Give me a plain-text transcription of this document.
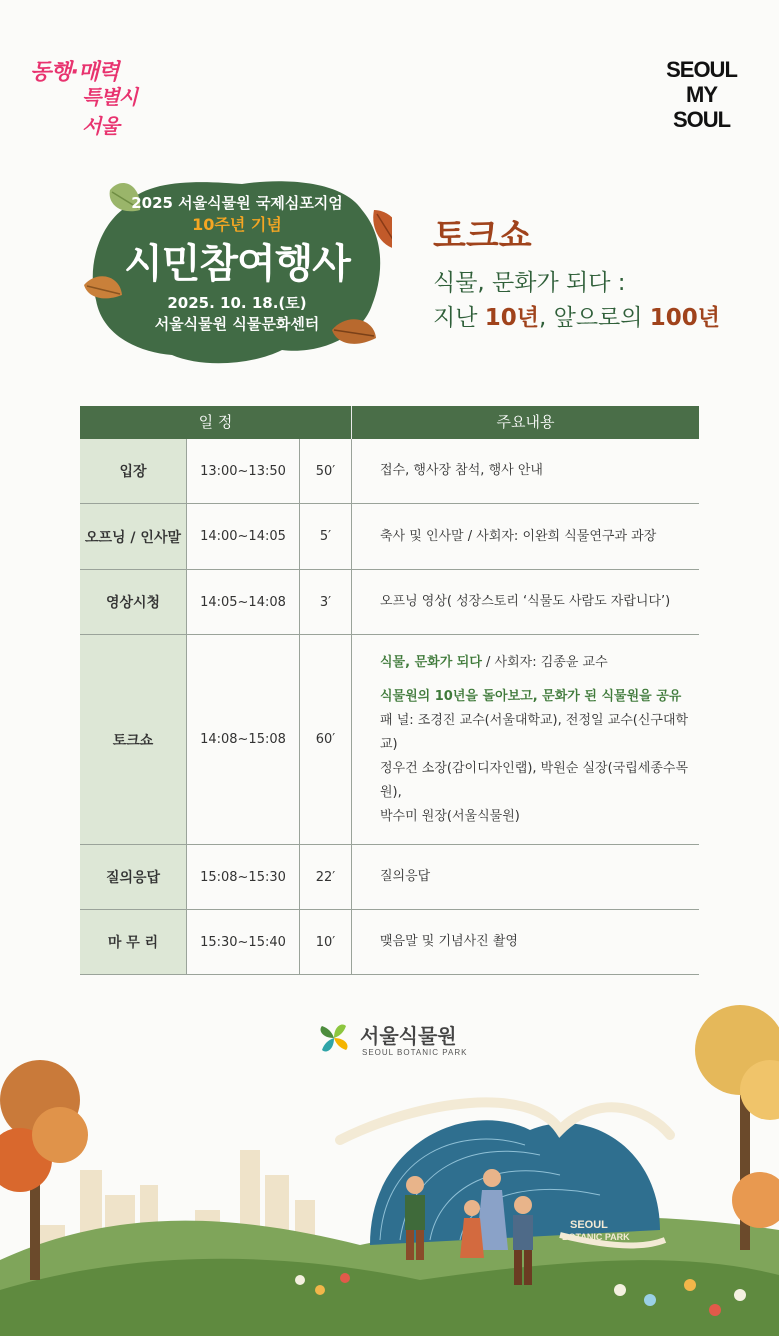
동행·매력
특별시 서울
SEOUL
MY SOUL
2025 서울식물원 국제심포지엄
10주년 기념
시민참여행사
2025. 10. 18.(토)
서울식물원 식물문화센터
토크쇼
식물, 문화가 되다 :
지난 10년, 앞으로의 100년
일 정	주요내용
입장	13:00~13:50	50′	접수, 행사장 참석, 행사 안내
오프닝 / 인사말	14:00~14:05	5′	축사 및 인사말 / 사회자: 이완희 식물연구과 과장
영상시청	14:05~14:08	3′	오프닝 영상( 성장스토리 ‘식물도 사람도 자랍니다’)
토크쇼	14:08~15:08	60′
식물, 문화가 되다 / 사회자: 김종윤 교수
식물원의 10년을 돌아보고, 문화가 된 식물원을 공유
패 널: 조경진 교수(서울대학교), 전정일 교수(신구대학교)
정우건 소장(감이디자인랩), 박원순 실장(국립세종수목원),
박수미 원장(서울식물원)
질의응답	15:08~15:30	22′	질의응답
마 무 리	15:30~15:40	10′	맺음말 및 기념사진 촬영
SEOUL
BOTANIC PARK
서울식물원
SEOUL BOTANIC PARK
